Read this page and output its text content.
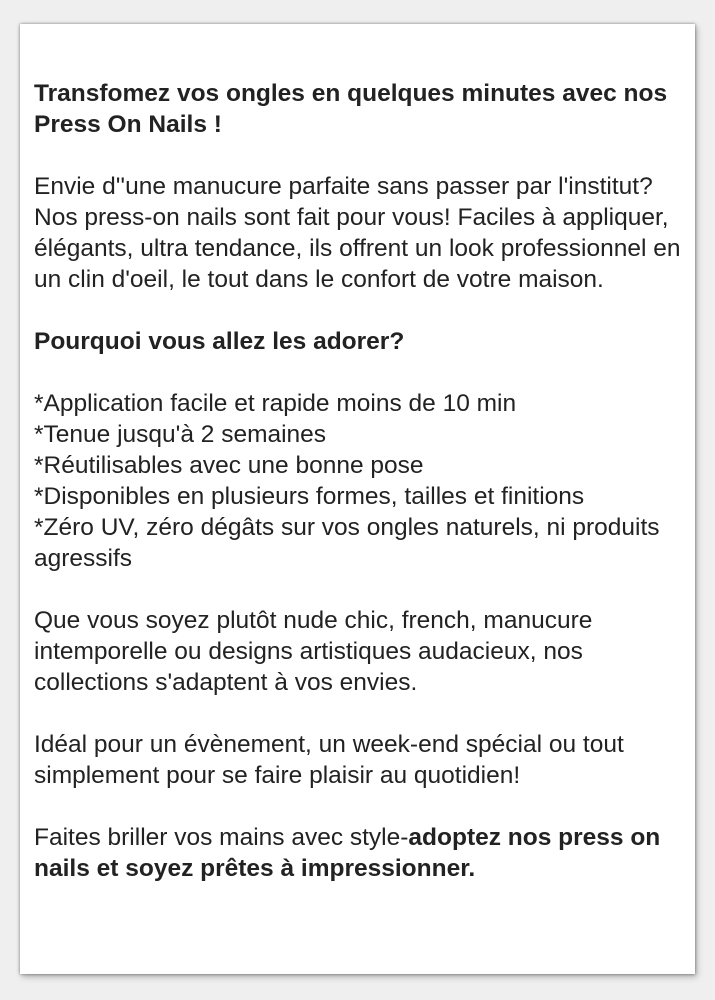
Transfomez vos ongles en quelques minutes avec nos Press On Nails !

Envie d''une manucure parfaite sans passer par l'institut? Nos press-on nails sont fait pour vous! Faciles à appliquer, élégants, ultra tendance, ils offrent un look professionnel en un clin d'oeil, le tout dans le confort de votre maison.

Pourquoi vous allez les adorer?

*Application facile et rapide moins de 10 min
*Tenue jusqu'à 2 semaines
*Réutilisables avec une bonne pose
*Disponibles en plusieurs formes, tailles et finitions
*Zéro UV, zéro dégâts sur vos ongles naturels, ni produits agressifs

Que vous soyez plutôt nude chic, french, manucure intemporelle ou designs artistiques audacieux, nos collections s'adaptent à vos envies.

Idéal pour un évènement, un week-end spécial ou tout simplement pour se faire plaisir au quotidien!

Faites briller vos mains avec style-adoptez nos press on nails et soyez prêtes à impressionner.
